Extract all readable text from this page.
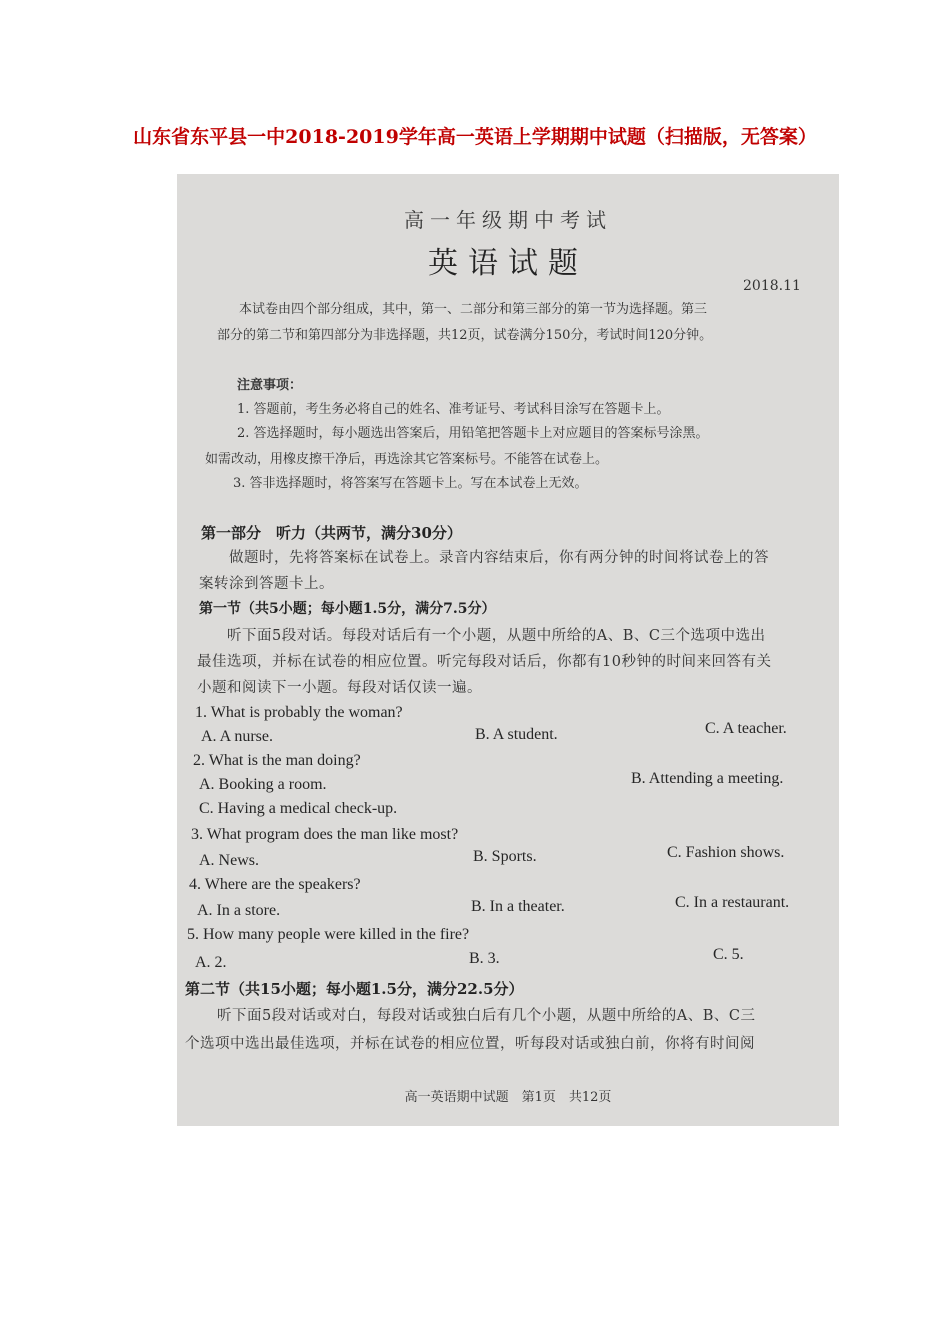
山东省东平县一中2018-2019学年高一英语上学期期中试题（扫描版，无答案）
高一年级期中考试
英语试题
2018.11
本试卷由四个部分组成，其中，第一、二部分和第三部分的第一节为选择题。第三
部分的第二节和第四部分为非选择题，共12页，试卷满分150分，考试时间120分钟。
注意事项：
1. 答题前，考生务必将自己的姓名、准考证号、考试科目涂写在答题卡上。
2. 答选择题时，每小题选出答案后，用铅笔把答题卡上对应题目的答案标号涂黑。
如需改动，用橡皮擦干净后，再选涂其它答案标号。不能答在试卷上。
3. 答非选择题时，将答案写在答题卡上。写在本试卷上无效。
第一部分　听力（共两节，满分30分）
做题时，先将答案标在试卷上。录音内容结束后，你有两分钟的时间将试卷上的答
案转涂到答题卡上。
第一节（共5小题；每小题1.5分，满分7.5分）
听下面5段对话。每段对话后有一个小题，从题中所给的A、B、C三个选项中选出
最佳选项，并标在试卷的相应位置。听完每段对话后，你都有10秒钟的时间来回答有关
小题和阅读下一小题。每段对话仅读一遍。
1. What is probably the woman?
A. A nurse.	B. A student.	C. A teacher.
2. What is the man doing?
A. Booking a room.	B. Attending a meeting.
C. Having a medical check-up.
3. What program does the man like most?
A. News.	B. Sports.	C. Fashion shows.
4. Where are the speakers?
A. In a store.	B. In a theater.	C. In a restaurant.
5. How many people were killed in the fire?
A. 2.	B. 3.	C. 5.
第二节（共15小题；每小题1.5分，满分22.5分）
听下面5段对话或对白，每段对话或独白后有几个小题，从题中所给的A、B、C三
个选项中选出最佳选项，并标在试卷的相应位置，听每段对话或独白前，你将有时间阅
高一英语期中试题　第1页　共12页
